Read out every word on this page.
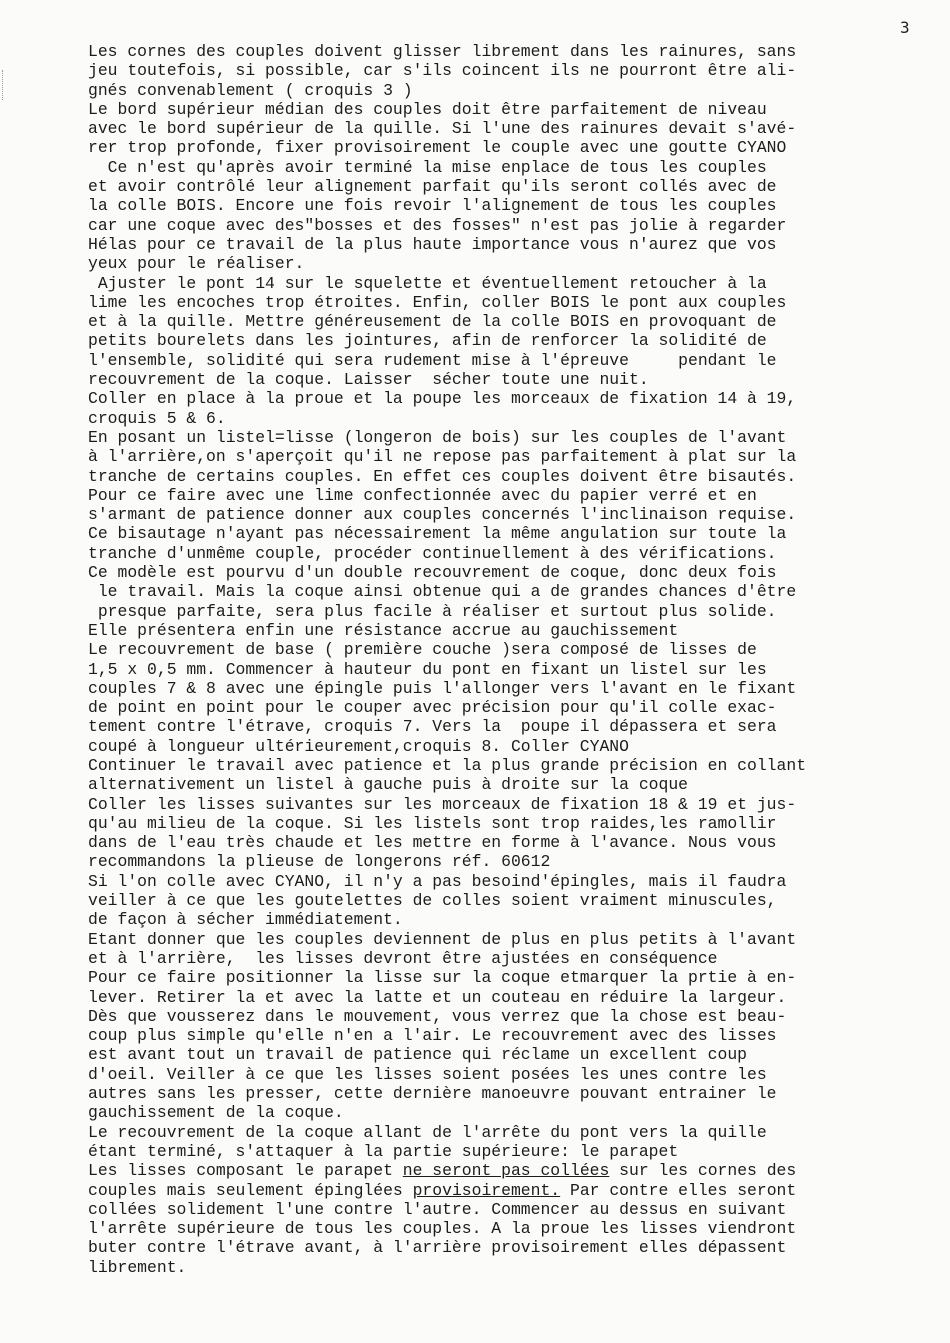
3
Les cornes des couples doivent glisser librement dans les rainures, sans
jeu toutefois, si possible, car s'ils coincent ils ne pourront être ali-
gnés convenablement ( croquis 3 )
Le bord supérieur médian des couples doit être parfaitement de niveau
avec le bord supérieur de la quille. Si l'une des rainures devait s'avé-
rer trop profonde, fixer provisoirement le couple avec une goutte CYANO
Ce n'est qu'après avoir terminé la mise enplace de tous les couples
et avoir contrôlé leur alignement parfait qu'ils seront collés avec de
la colle BOIS. Encore une fois revoir l'alignement de tous les couples
car une coque avec des"bosses et des fosses" n'est pas jolie à regarder
Hélas pour ce travail de la plus haute importance vous n'aurez que vos
yeux pour le réaliser.
Ajuster le pont 14 sur le squelette et éventuellement retoucher à la
lime les encoches trop étroites. Enfin, coller BOIS le pont aux couples
et à la quille. Mettre généreusement de la colle BOIS en provoquant de
petits bourelets dans les jointures, afin de renforcer la solidité de
l'ensemble, solidité qui sera rudement mise à l'épreuve     pendant le
recouvrement de la coque. Laisser  sécher toute une nuit.
Coller en place à la proue et la poupe les morceaux de fixation 14 à 19,
croquis 5 & 6.
En posant un listel=lisse (longeron de bois) sur les couples de l'avant
à l'arrière,on s'aperçoit qu'il ne repose pas parfaitement à plat sur la
tranche de certains couples. En effet ces couples doivent être bisautés.
Pour ce faire avec une lime confectionnée avec du papier verré et en
s'armant de patience donner aux couples concernés l'inclinaison requise.
Ce bisautage n'ayant pas nécessairement la même angulation sur toute la
tranche d'unmême couple, procéder continuellement à des vérifications.
Ce modèle est pourvu d'un double recouvrement de coque, donc deux fois
le travail. Mais la coque ainsi obtenue qui a de grandes chances d'être
presque parfaite, sera plus facile à réaliser et surtout plus solide.
Elle présentera enfin une résistance accrue au gauchissement
Le recouvrement de base ( première couche )sera composé de lisses de
1,5 x 0,5 mm. Commencer à hauteur du pont en fixant un listel sur les
couples 7 & 8 avec une épingle puis l'allonger vers l'avant en le fixant
de point en point pour le couper avec précision pour qu'il colle exac-
tement contre l'étrave, croquis 7. Vers la  poupe il dépassera et sera
coupé à longueur ultérieurement,croquis 8. Coller CYANO
Continuer le travail avec patience et la plus grande précision en collant
alternativement un listel à gauche puis à droite sur la coque
Coller les lisses suivantes sur les morceaux de fixation 18 & 19 et jus-
qu'au milieu de la coque. Si les listels sont trop raides,les ramollir
dans de l'eau très chaude et les mettre en forme à l'avance. Nous vous
recommandons la plieuse de longerons réf. 60612
Si l'on colle avec CYANO, il n'y a pas besoind'épingles, mais il faudra
veiller à ce que les goutelettes de colles soient vraiment minuscules,
de façon à sécher immédiatement.
Etant donner que les couples deviennent de plus en plus petits à l'avant
et à l'arrière,  les lisses devront être ajustées en conséquence
Pour ce faire positionner la lisse sur la coque etmarquer la prtie à en-
lever. Retirer la et avec la latte et un couteau en réduire la largeur.
Dès que vousserez dans le mouvement, vous verrez que la chose est beau-
coup plus simple qu'elle n'en a l'air. Le recouvrement avec des lisses
est avant tout un travail de patience qui réclame un excellent coup
d'oeil. Veiller à ce que les lisses soient posées les unes contre les
autres sans les presser, cette dernière manoeuvre pouvant entrainer le
gauchissement de la coque.
Le recouvrement de la coque allant de l'arrête du pont vers la quille
étant terminé, s'attaquer à la partie supérieure: le parapet
Les lisses composant le parapet ne seront pas collées sur les cornes des
couples mais seulement épinglées provisoirement. Par contre elles seront
collées solidement l'une contre l'autre. Commencer au dessus en suivant
l'arrête supérieure de tous les couples. A la proue les lisses viendront
buter contre l'étrave avant, à l'arrière provisoirement elles dépassent
librement.
